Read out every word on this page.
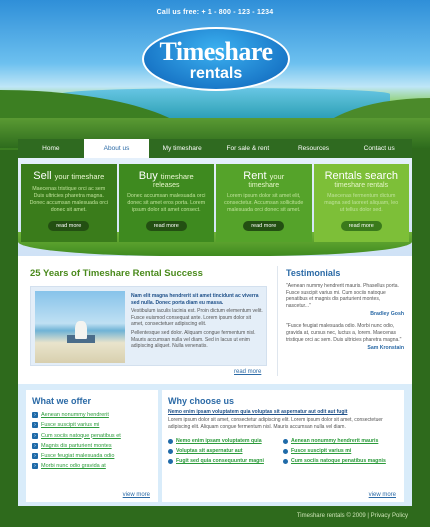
Call us free: + 1 - 800 - 123 - 1234
Timeshare
rentals
Home	About us	My timeshare	For sale & rent	Resources	Contact us
Sell your timeshare
Maecenas tristique orci ac sem Duis ultricies pharetra magna. Donec accumsan malesuada orci donec sit amet.
read more
Buy timeshare
releases
Donec accumsan malesuada orci donec sit amet eros porta. Lorem ipsum dolor sit amet consect.
read more
Rent your
timeshare
Lorem ipsum dolor sit amet elit, consectetur. Accumsan sollicitude malesuada orci donec sit amet.
read more
Rentals search
timeshare rentals
Maecenas fermentum dictum magna sed laoreet aliquam, leo ut tellus dolor sed.
read more
25 Years of Timeshare Rental Success
Nam elit magna hendrerit sit amet tincidunt ac viverra sed nulla. Donec porta diam eu massa.
Vestibulum iaculis lacinia est. Proin dictum elementum velit. Fusce euismod consequat ante. Lorem ipsum dolor sit amet, consectetuer adipiscing elit.
Pellentesque sed dolor. Aliquam congue fermentum nisl. Mauris accumsan nulla vel diam. Sed in lacus ut enim adipiscing aliquet. Nulla venenatis.
read more
Testimonials
"Aenean nummy hendrerit mauris. Phasellus porta. Fusce suscipit varius mi. Cum sociis natoque penatibus et magnis dis parturient montes, nascetur..."
Bradley Gosh
"Fusce feugiat malesuada odio. Morbi nunc odio, gravida at, cursus nec, luctus a, lorem. Maecenas tristique orci ac sem. Duis ultricies pharetra magna."
Sam Kronstain
What we offer
› Aenean nonummy hendrerit
› Fusce suscipit varius mi
› Cum sociis natoque penatibus et
› Magnis dis parturient montes
› Fusce feugiat malesuada odio
› Morbi nunc odio gravida at
view more
Why choose us
Nemo enim ipsam voluptatem quia voluptas sit aspernatur aut odit aut fugit
Lorem ipsum dolor sit amet, consectetur adipiscing elit. Lorem ipsum dolor sit amet, consectetuer adipiscing elit. Aliquam congue fermentum nisl. Mauris accumsan nulla vel diam.
Nemo enim ipsam voluptatem quia
Voluptas sit aspernatur aut
Fugit sed quia consequuntur magni
Aenean nonummy hendrerit mauris
Fusce suscipit varius mi
Cum sociis natoque penatibus magnis
view more
Timeshare rentals © 2009 | Privacy Policy
